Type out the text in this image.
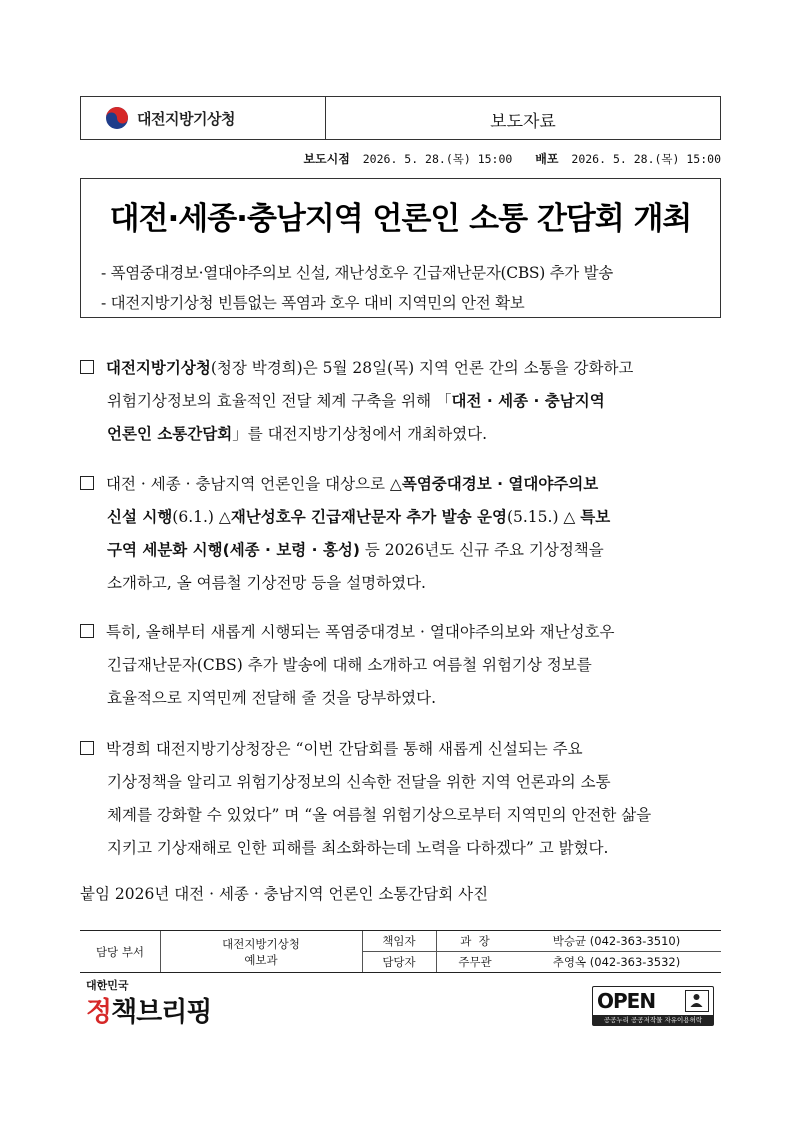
대전지방기상청	보도자료
보도시점 2026. 5. 28.(목) 15:00 배포 2026. 5. 28.(목) 15:00
대전·세종·충남지역 언론인 소통 간담회 개최
- 폭염중대경보·열대야주의보 신설, 재난성호우 긴급재난문자(CBS) 추가 발송
- 대전지방기상청 빈틈없는 폭염과 호우 대비 지역민의 안전 확보
대전지방기상청(청장 박경희)은 5월 28일(목) 지역 언론 간의 소통을 강화하고
위험기상정보의 효율적인 전달 체계 구축을 위해 「대전 · 세종 · 충남지역
언론인 소통간담회」를 대전지방기상청에서 개최하였다.
대전 · 세종 · 충남지역 언론인을 대상으로 △폭염중대경보 · 열대야주의보
신설 시행(6.1.) △재난성호우 긴급재난문자 추가 발송 운영(5.15.) △ 특보
구역 세분화 시행(세종 · 보령 · 홍성) 등 2026년도 신규 주요 기상정책을
소개하고, 올 여름철 기상전망 등을 설명하였다.
특히, 올해부터 새롭게 시행되는 폭염중대경보 · 열대야주의보와 재난성호우
긴급재난문자(CBS) 추가 발송에 대해 소개하고 여름철 위험기상 정보를
효율적으로 지역민께 전달해 줄 것을 당부하였다.
박경희 대전지방기상청장은 “이번 간담회를 통해 새롭게 신설되는 주요
기상정책을 알리고 위험기상정보의 신속한 전달을 위한 지역 언론과의 소통
체계를 강화할 수 있었다” 며 “올 여름철 위험기상으로부터 지역민의 안전한 삶을
지키고 기상재해로 인한 피해를 최소화하는데 노력을 다하겠다” 고 밝혔다.
붙임 2026년 대전 · 세종 · 충남지역 언론인 소통간담회 사진
담당 부서
대전지방기상청
예보과
책임자	과  장	박승균 (042-363-3510)
담당자	주무관	추영옥 (042-363-3532)
대한민국
정책브리핑	OPEN
공공누리 공공저작물 자유이용허락
